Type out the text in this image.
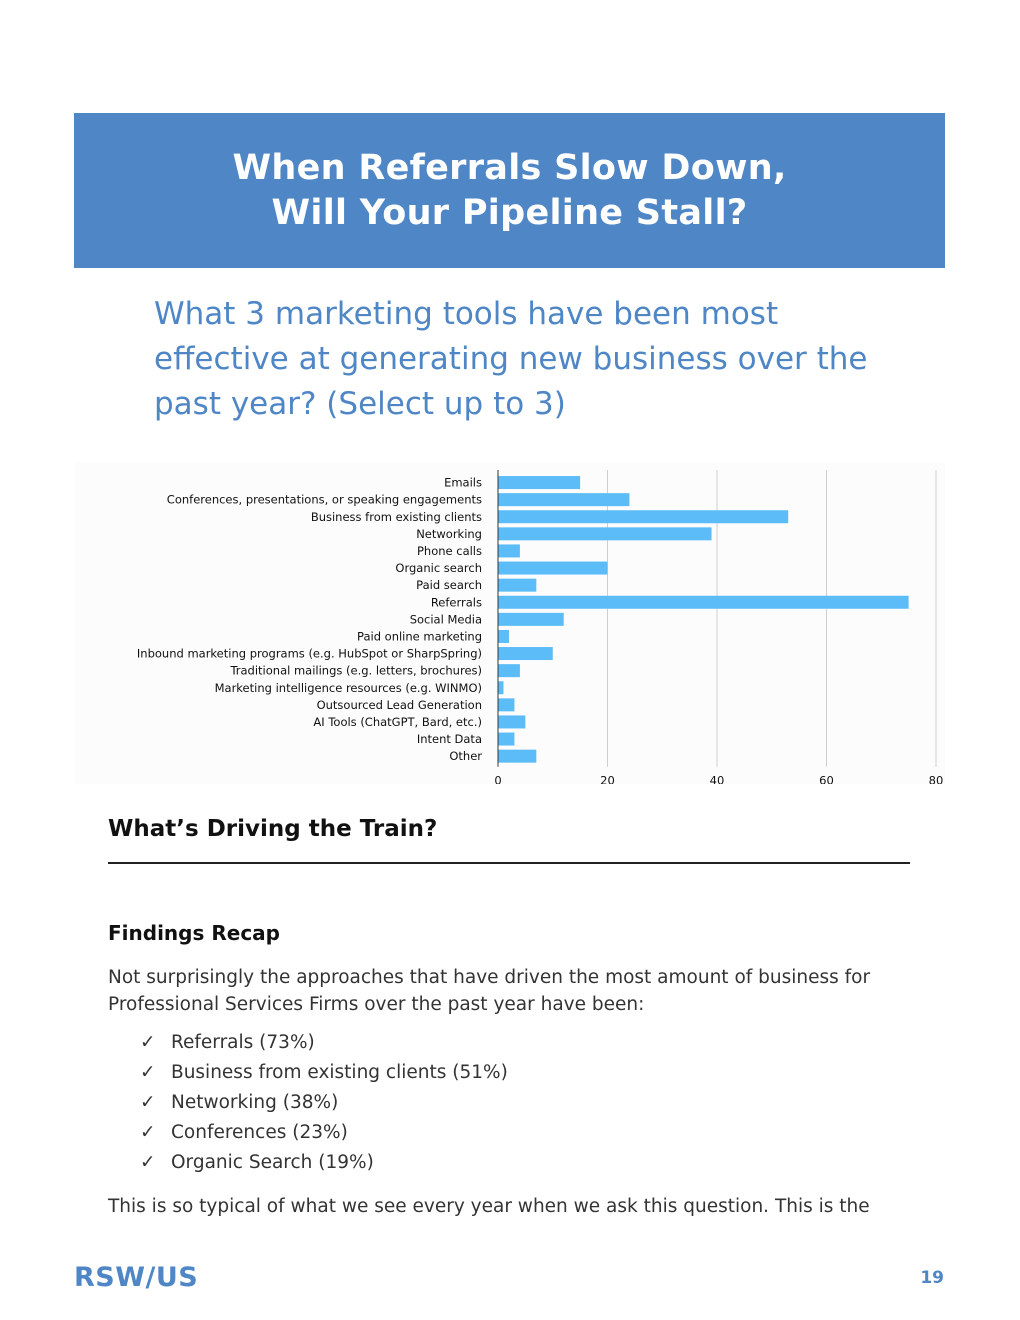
When Referrals Slow Down,
Will Your Pipeline Stall?
What 3 marketing tools have been most effective at generating new business over the past year? (Select up to 3)
0	20	40	60	80
Emails
Conferences, presentations, or speaking engagements
Business from existing clients
Networking
Phone calls
Organic search
Paid search
Referrals
Social Media
Paid online marketing
Inbound marketing programs (e.g. HubSpot or SharpSpring)
Traditional mailings (e.g. letters, brochures)
Marketing intelligence resources (e.g. WINMO)
Outsourced Lead Generation
AI Tools (ChatGPT, Bard, etc.)
Intent Data
Other
What’s Driving the Train?
Findings Recap
Not surprisingly the approaches that have driven the most amount of business for Professional Services Firms over the past year have been:
✓ Referrals (73%)
✓ Business from existing clients (51%)
✓ Networking (38%)
✓ Conferences (23%)
✓ Organic Search (19%)
This is so typical of what we see every year when we ask this question. This is the
RSW/US	19
